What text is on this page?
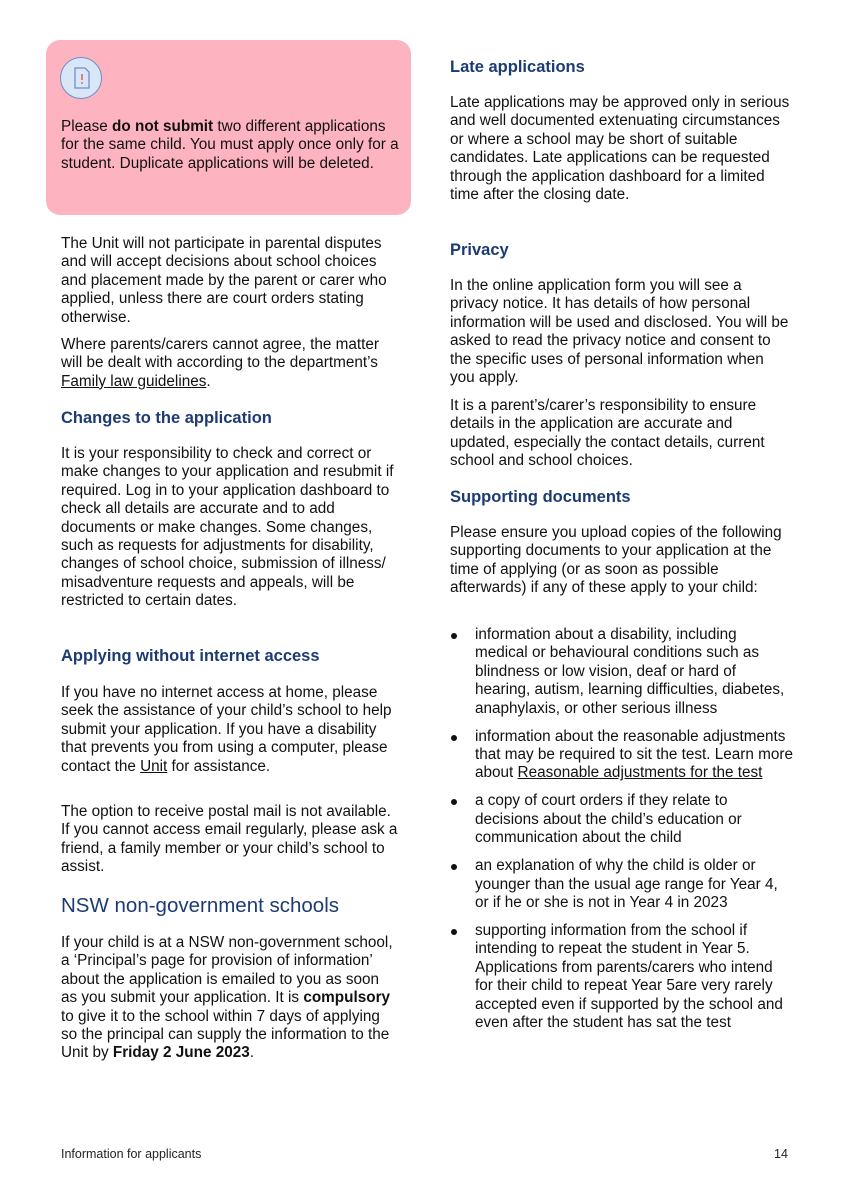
Please do not submit two different applications for the same child. You must apply once only for a student. Duplicate applications will be deleted.

The Unit will not participate in parental disputes and will accept decisions about school choices and placement made by the parent or carer who applied, unless there are court orders stating otherwise.

Where parents/carers cannot agree, the matter will be dealt with according to the department’s Family law guidelines.

Changes to the application

It is your responsibility to check and correct or make changes to your application and resubmit if required. Log in to your application dashboard to check all details are accurate and to add documents or make changes. Some changes, such as requests for adjustments for disability, changes of school choice, submission of illness/ misadventure requests and appeals, will be restricted to certain dates.

Applying without internet access

If you have no internet access at home, please seek the assistance of your child’s school to help submit your application. If you have a disability that prevents you from using a computer, please contact the Unit for assistance.

The option to receive postal mail is not available. If you cannot access email regularly, please ask a friend, a family member or your child’s school to assist.

NSW non-government schools

If your child is at a NSW non-government school, a ‘Principal’s page for provision of information’ about the application is emailed to you as soon as you submit your application. It is compulsory to give it to the school within 7 days of applying so the principal can supply the information to the Unit by Friday 2 June 2023.

Late applications

Late applications may be approved only in serious and well documented extenuating circumstances or where a school may be short of suitable candidates. Late applications can be requested through the application dashboard for a limited time after the closing date.

Privacy

In the online application form you will see a privacy notice. It has details of how personal information will be used and disclosed. You will be asked to read the privacy notice and consent to the specific uses of personal information when you apply.

It is a parent’s/carer’s responsibility to ensure details in the application are accurate and updated, especially the contact details, current school and school choices.

Supporting documents

Please ensure you upload copies of the following supporting documents to your application at the time of applying (or as soon as possible afterwards) if any of these apply to your child:

information about a disability, including medical or behavioural conditions such as blindness or low vision, deaf or hard of hearing, autism, learning difficulties, diabetes, anaphylaxis, or other serious illness
information about the reasonable adjustments that may be required to sit the test. Learn more about Reasonable adjustments for the test
a copy of court orders if they relate to decisions about the child’s education or communication about the child
an explanation of why the child is older or younger than the usual age range for Year 4, or if he or she is not in Year 4 in 2023
supporting information from the school if intending to repeat the student in Year 5. Applications from parents/carers who intend for their child to repeat Year 5are very rarely accepted even if supported by the school and even after the student has sat the test
Information for applicants	14
